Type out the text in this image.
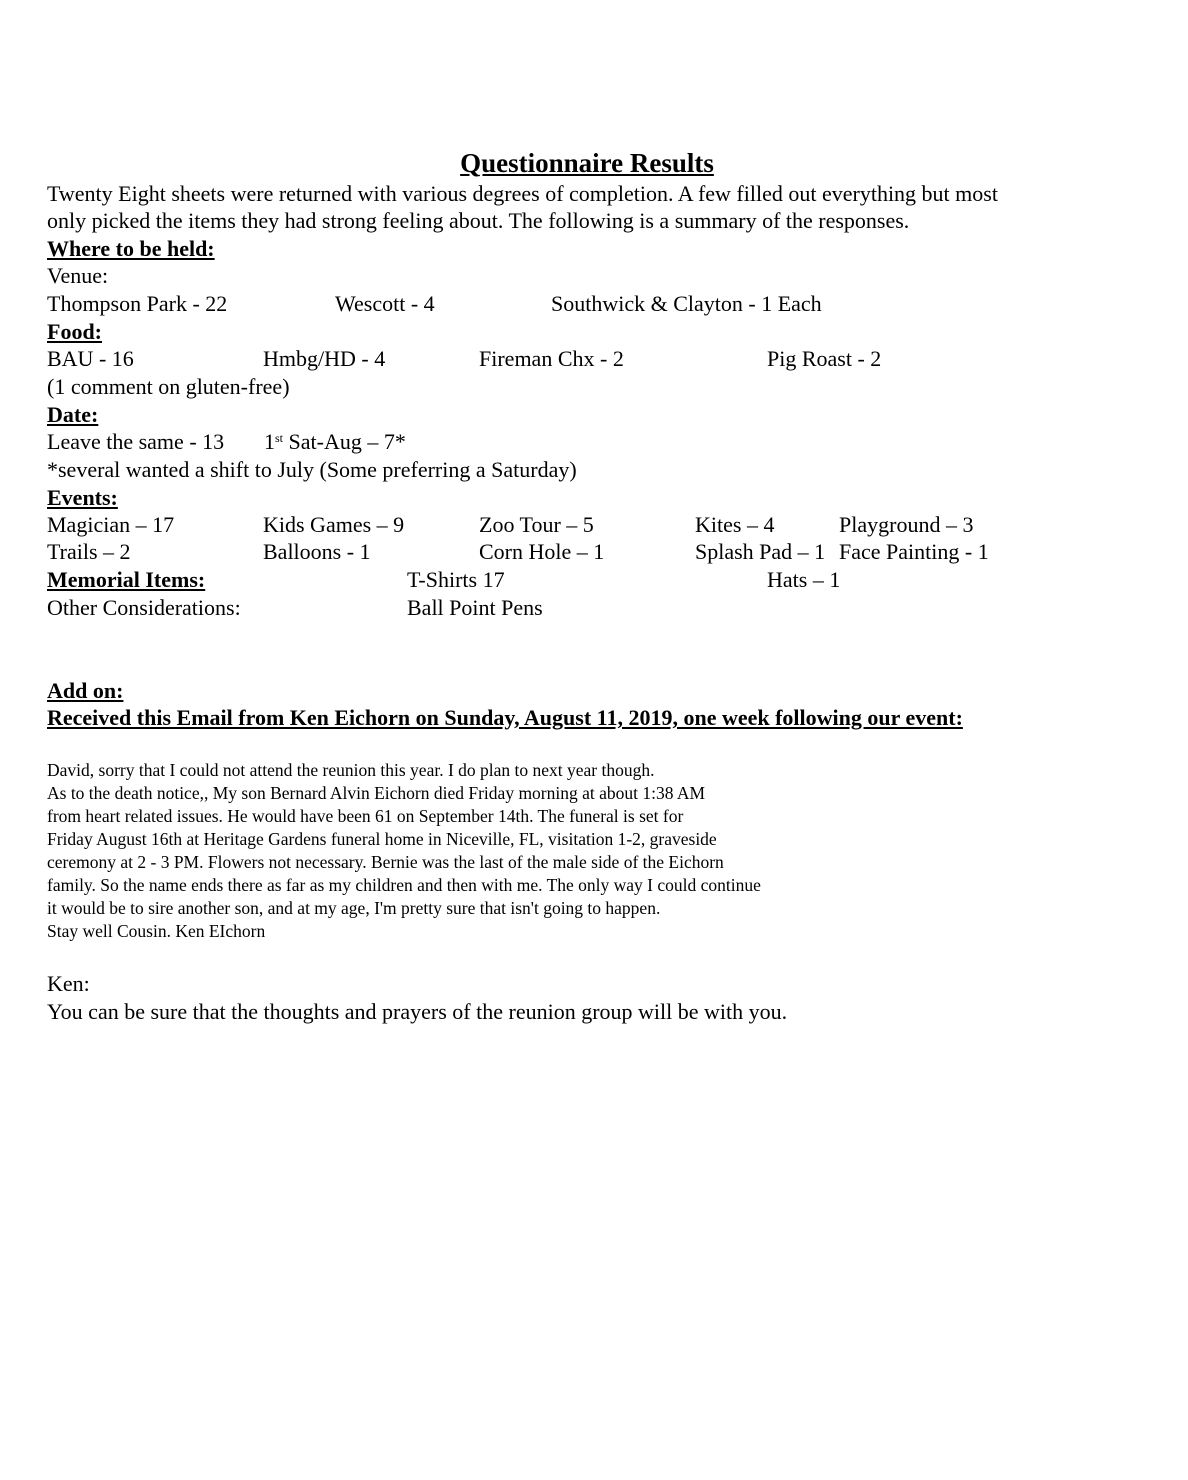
Questionnaire Results
Twenty Eight sheets were returned with various degrees of completion. A few filled out everything but most
only picked the items they had strong feeling about. The following is a summary of the responses.
Where to be held:
Venue:
Thompson Park - 22	Wescott - 4	Southwick & Clayton - 1 Each
Food:
BAU - 16	Hmbg/HD - 4	Fireman Chx - 2	Pig Roast - 2
(1 comment on gluten-free)
Date:
Leave the same - 13 1st Sat-Aug – 7*
*several wanted a shift to July (Some preferring a Saturday)
Events:
Magician – 17	Kids Games – 9	Zoo Tour – 5	Kites – 4	Playground – 3
Trails – 2	Balloons - 1	Corn Hole – 1	Splash Pad – 1 Face Painting - 1
Memorial Items:	T-Shirts 17	Hats – 1
Other Considerations:	Ball Point Pens
Add on:
Received this Email from Ken Eichorn on Sunday, August 11, 2019, one week following our event:
David, sorry that I could not attend the reunion this year. I do plan to next year though.
As to the death notice,, My son Bernard Alvin Eichorn died Friday morning at about 1:38 AM
from heart related issues. He would have been 61 on September 14th. The funeral is set for
Friday August 16th at Heritage Gardens funeral home in Niceville, FL, visitation 1-2, graveside
ceremony at 2 - 3 PM. Flowers not necessary. Bernie was the last of the male side of the Eichorn
family. So the name ends there as far as my children and then with me. The only way I could continue
it would be to sire another son, and at my age, I'm pretty sure that isn't going to happen.
Stay well Cousin. Ken EIchorn
Ken:
You can be sure that the thoughts and prayers of the reunion group will be with you.
